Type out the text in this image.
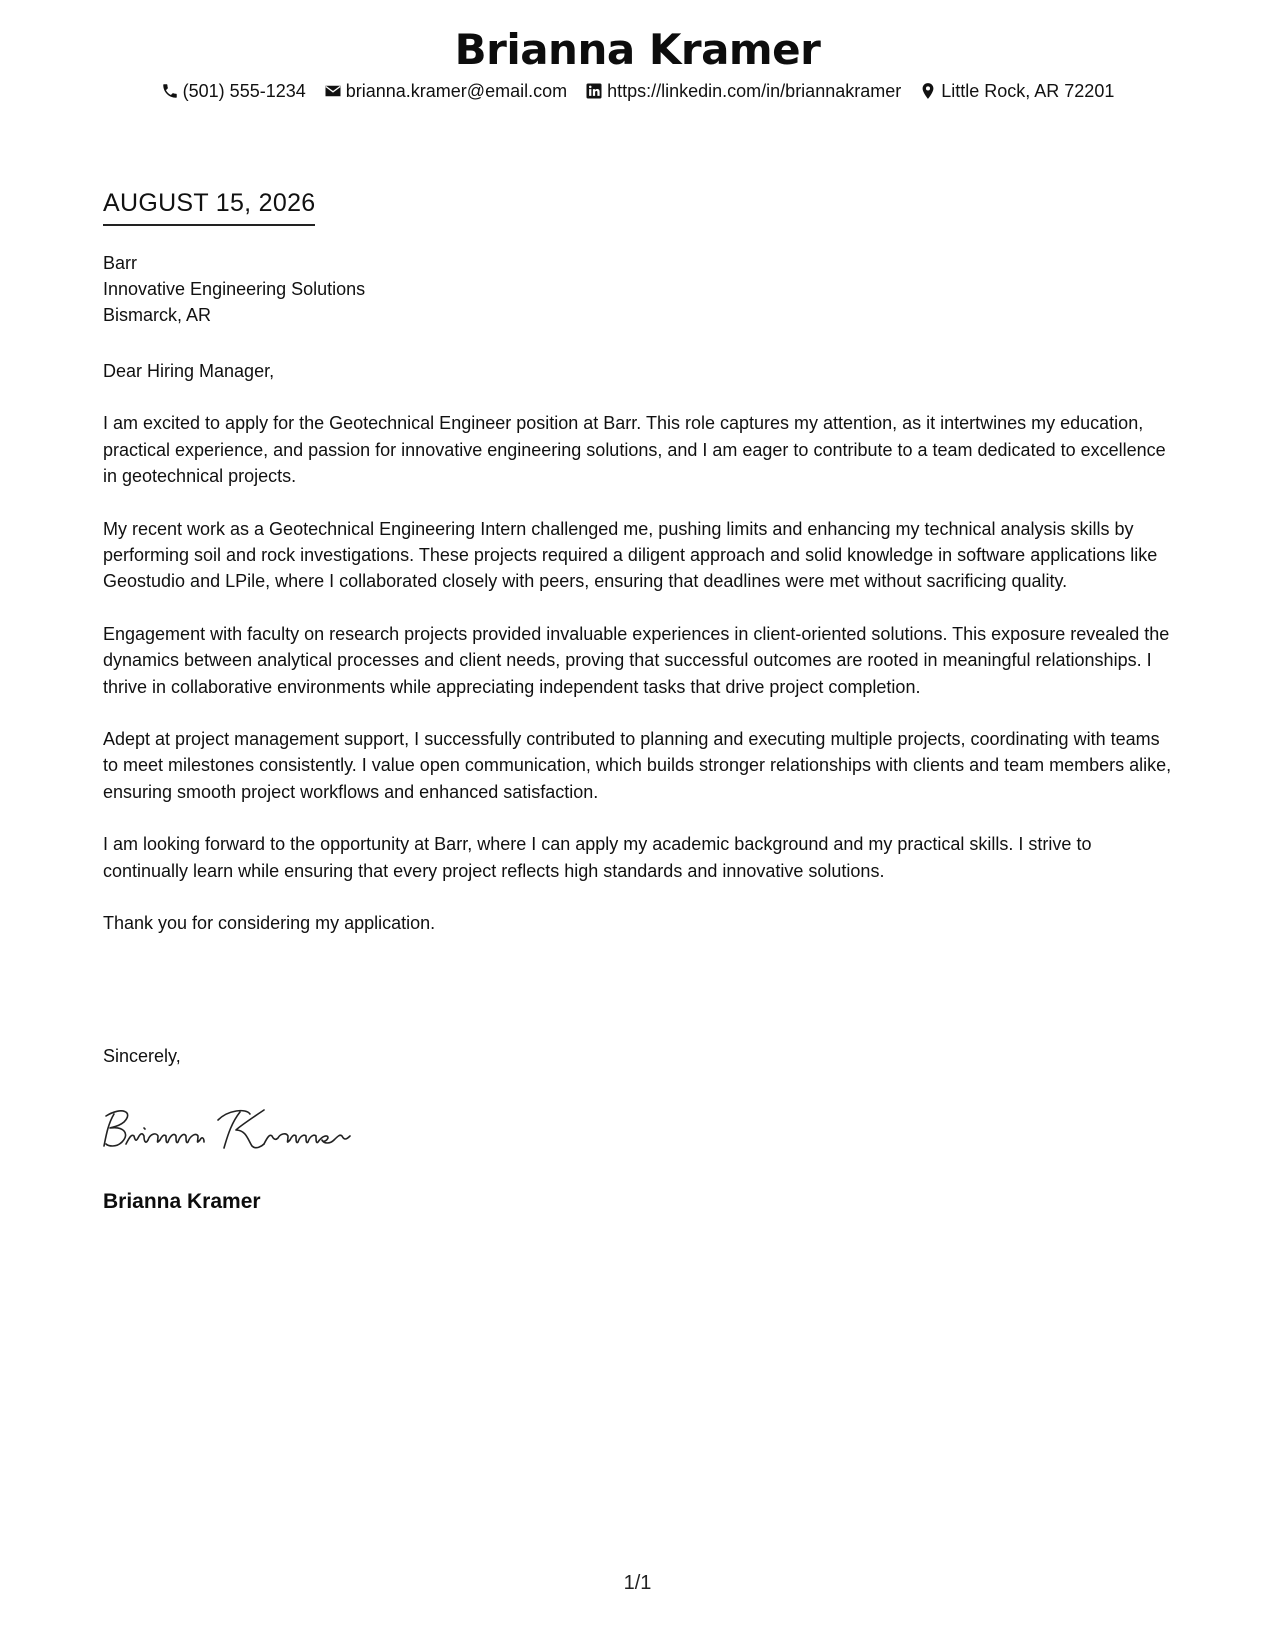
Brianna Kramer
(501) 555-1234 brianna.kramer@email.com https://linkedin.com/in/briannakramer Little Rock, AR 72201
AUGUST 15, 2026
Barr
Innovative Engineering Solutions
Bismarck, AR

Dear Hiring Manager,

I am excited to apply for the Geotechnical Engineer position at Barr. This role captures my attention, as it intertwines my education, practical experience, and passion for innovative engineering solutions, and I am eager to contribute to a team dedicated to excellence in geotechnical projects.

My recent work as a Geotechnical Engineering Intern challenged me, pushing limits and enhancing my technical analysis skills by performing soil and rock investigations. These projects required a diligent approach and solid knowledge in software applications like Geostudio and LPile, where I collaborated closely with peers, ensuring that deadlines were met without sacrificing quality.

Engagement with faculty on research projects provided invaluable experiences in client-oriented solutions. This exposure revealed the dynamics between analytical processes and client needs, proving that successful outcomes are rooted in meaningful relationships. I thrive in collaborative environments while appreciating independent tasks that drive project completion.

Adept at project management support, I successfully contributed to planning and executing multiple projects, coordinating with teams to meet milestones consistently. I value open communication, which builds stronger relationships with clients and team members alike, ensuring smooth project workflows and enhanced satisfaction.

I am looking forward to the opportunity at Barr, where I can apply my academic background and my practical skills. I strive to continually learn while ensuring that every project reflects high standards and innovative solutions.

Thank you for considering my application.

Sincerely,
Brianna Kramer
1/1
